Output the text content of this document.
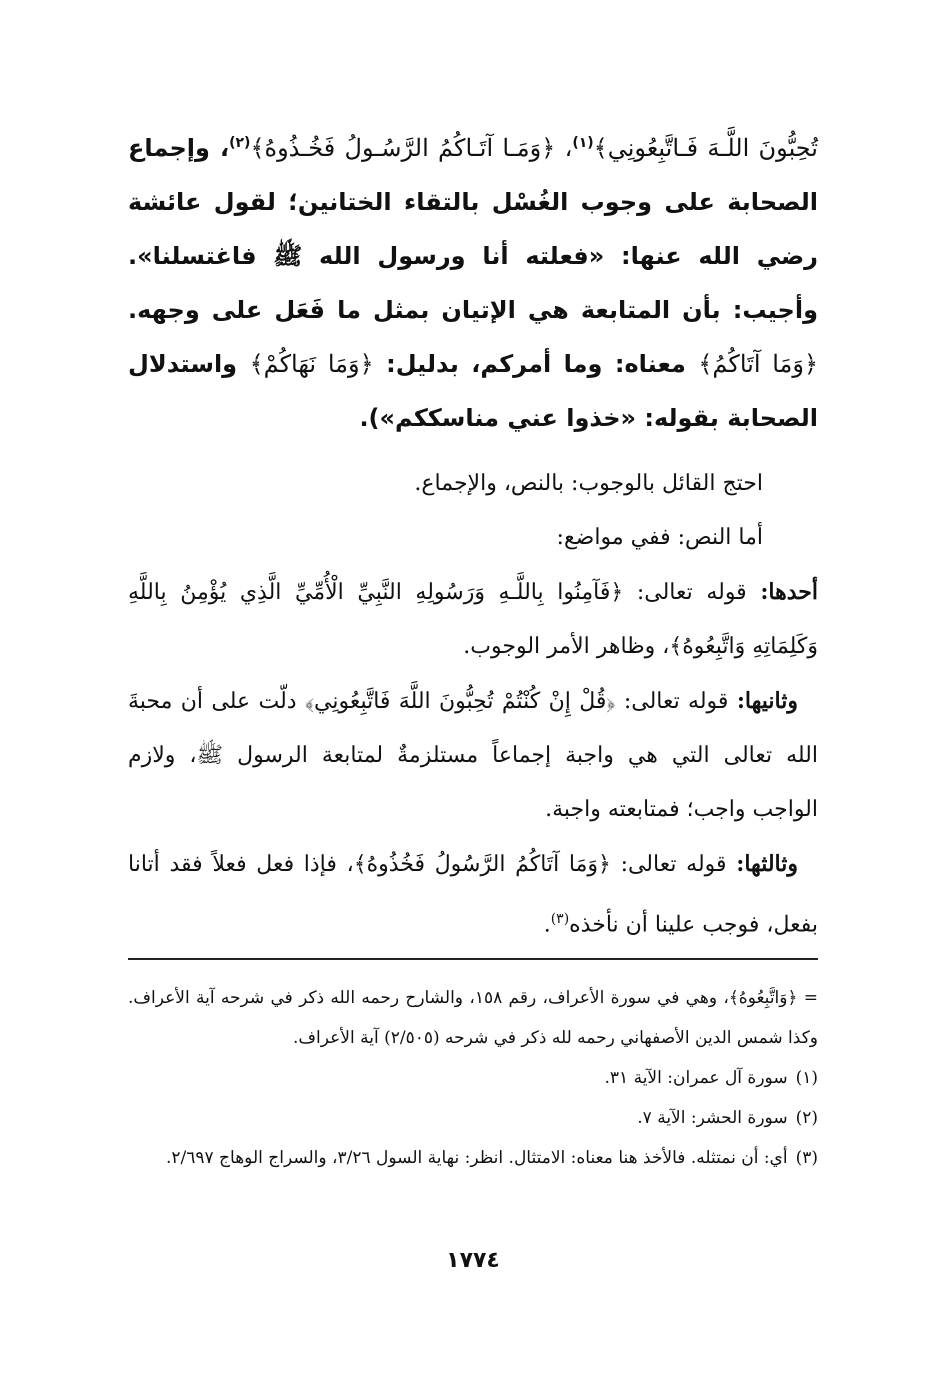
تُحِبُّونَ اللَّـهَ فَـاتَّبِعُونِي﴾$^{(١)}$، ﴿وَمَـا آتَـاكُمُ الرَّسُـولُ فَخُـذُوهُ﴾$^{(٢)}$، وإجماع الصحابة على وجوب الغُسْل بالتقاء الختانين؛ لقول عائشة رضي الله عنها: «فعلته أنا ورسول الله ﷺ فاغتسلنا». وأجيب: بأن المتابعة هي الإتيان بمثل ما فَعَل على وجهه. ﴿وَمَا آتَاكُمُ﴾ معناه: وما أمركم، بدليل: ﴿وَمَا نَهَاكُمْ﴾ واستدلال الصحابة بقوله: «خذوا عني مناسككم»).

احتج القائل بالوجوب: بالنص، والإجماع.

أما النص: ففي مواضع:

أحدها: قوله تعالى: ﴿فَآمِنُوا بِاللَّـهِ وَرَسُولِهِ النَّبِيِّ الْأُمِّيِّ الَّذِي يُؤْمِنُ بِاللَّهِ وَكَلِمَاتِهِ وَاتَّبِعُوهُ﴾، وظاهر الأمر الوجوب.

وثانيها: قوله تعالى: ﴿قُلْ إِنْ كُنْتُمْ تُحِبُّونَ اللَّهَ فَاتَّبِعُونِي﴾ دلّت على أن محبةَ الله تعالى التي هي واجبة إجماعاً مستلزمةٌ لمتابعة الرسول ﷺ، ولازم الواجب واجب؛ فمتابعته واجبة.

وثالثها: قوله تعالى: ﴿وَمَا آتَاكُمُ الرَّسُولُ فَخُذُوهُ﴾، فإذا فعل فعلاً فقد أتانا بفعل، فوجب علينا أن نأخذه$^{(٣)}$.

= ﴿وَاتَّبِعُوهُ﴾، وهي في سورة الأعراف، رقم ١٥٨، والشارح رحمه الله ذكر في شرحه آية الأعراف. وكذا شمس الدين الأصفهاني رحمه لله ذكر في شرحه (٢/٥٠٥) آية الأعراف.

(١)سورة آل عمران: الآية ٣١.

(٢)سورة الحشر: الآية ٧.

(٣)أي: أن نمتثله. فالأخذ هنا معناه: الامتثال. انظر: نهاية السول ٣/٢٦، والسراج الوهاج ٢/٦٩٧.

١٧٧٤
